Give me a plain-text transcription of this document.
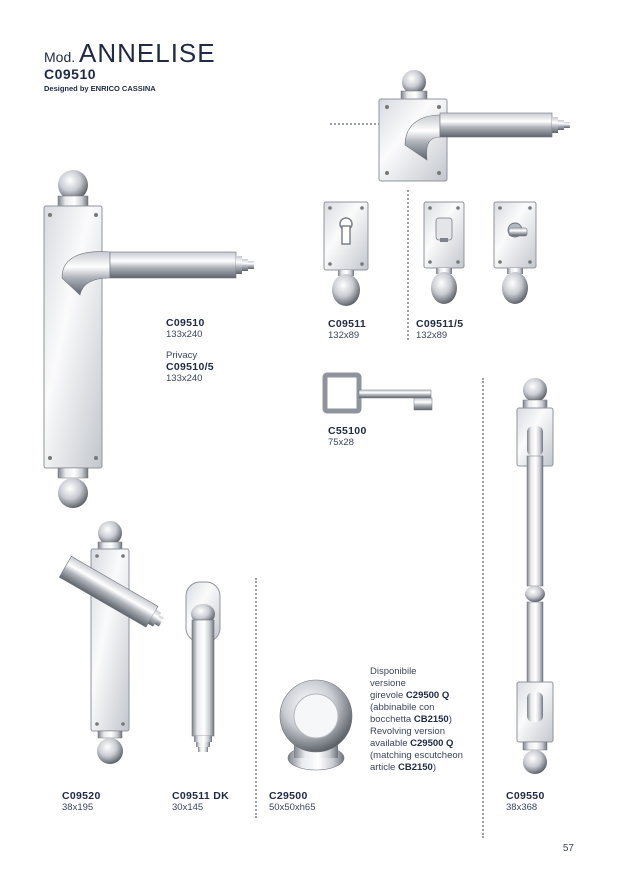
Mod. ANNELISE
C09510
Designed by ENRICO CASSINA
C09510
133x240
Privacy
C09510/5
133x240
C09511
132x89
C09511/5
132x89
C55100
75x28
C09520
38x195
C09511 DK
30x145
C29500
50x50xh65
Disponibile
versione
girevole C29500 Q
(abbinabile con
bocchetta CB2150)
Revolving version
available C29500 Q
(matching escutcheon
article CB2150)
C09550
38x368
57
